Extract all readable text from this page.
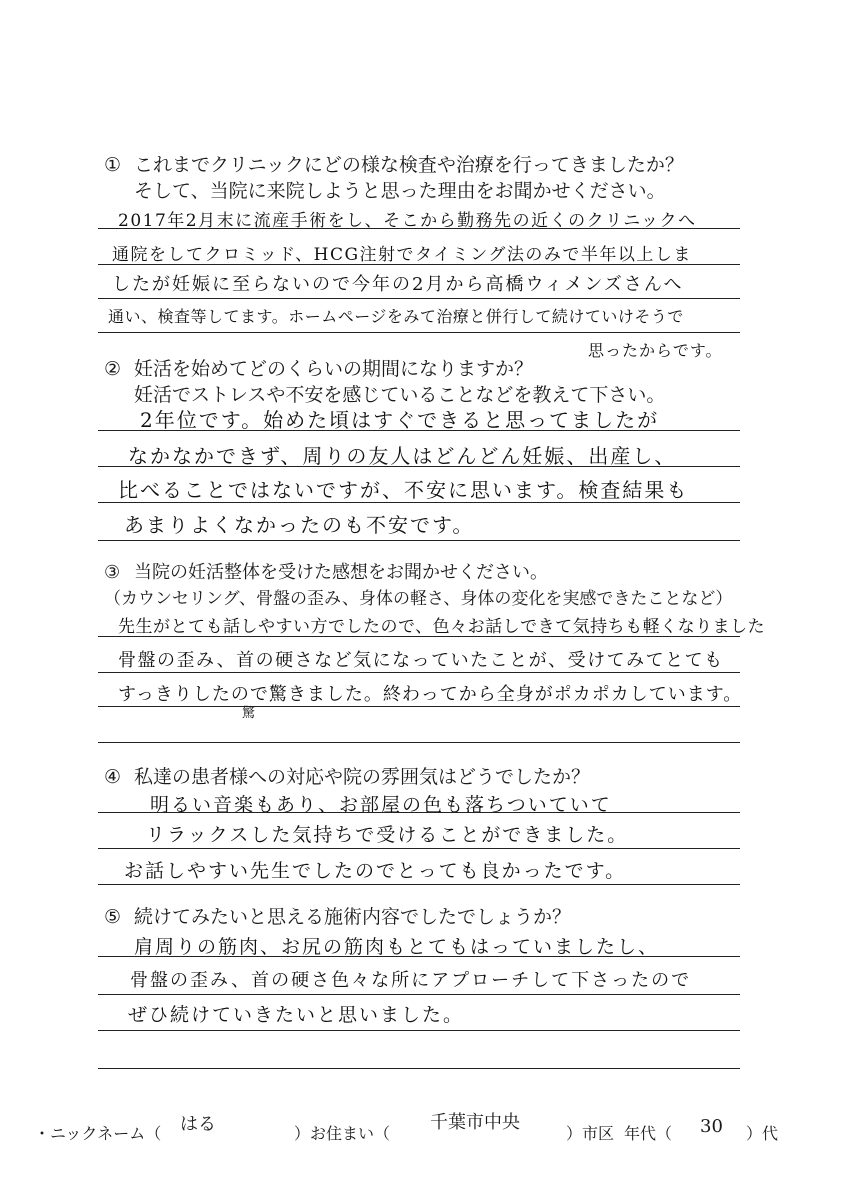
① これまでクリニックにどの様な検査や治療を行ってきましたか？
そして、当院に来院しようと思った理由をお聞かせください。
2017年2月末に流産手術をし、そこから勤務先の近くのクリニックへ
通院をしてクロミッド、HCG注射でタイミング法のみで半年以上しま
したが妊娠に至らないので今年の2月から高橋ウィメンズさんへ
通い、検査等してます。ホームページをみて治療と併行して続けていけそうで
思ったからです。
② 妊活を始めてどのくらいの期間になりますか？
妊活でストレスや不安を感じていることなどを教えて下さい。
2年位です。始めた頃はすぐできると思ってましたが
なかなかできず、周りの友人はどんどん妊娠、出産し、
比べることではないですが、不安に思います。検査結果も
あまりよくなかったのも不安です。
③ 当院の妊活整体を受けた感想をお聞かせください。
（カウンセリング、骨盤の歪み、身体の軽さ、身体の変化を実感できたことなど）
先生がとても話しやすい方でしたので、色々お話しできて気持ちも軽くなりました
骨盤の歪み、首の硬さなど気になっていたことが、受けてみてとても
すっきりしたので驚きました。終わってから全身がポカポカしています。
驚
④ 私達の患者様への対応や院の雰囲気はどうでしたか？
明るい音楽もあり、お部屋の色も落ちついていて
リラックスした気持ちで受けることができました。
お話しやすい先生でしたのでとっても良かったです。
⑤ 続けてみたいと思える施術内容でしたでしょうか？
肩周りの筋肉、お尻の筋肉もとてもはっていましたし、
骨盤の歪み、首の硬さ色々な所にアプローチして下さったので
ぜひ続けていきたいと思いました。
・ニックネーム（	）お住まい（	）市区 年代（	）代
はる	千葉市中央	30
